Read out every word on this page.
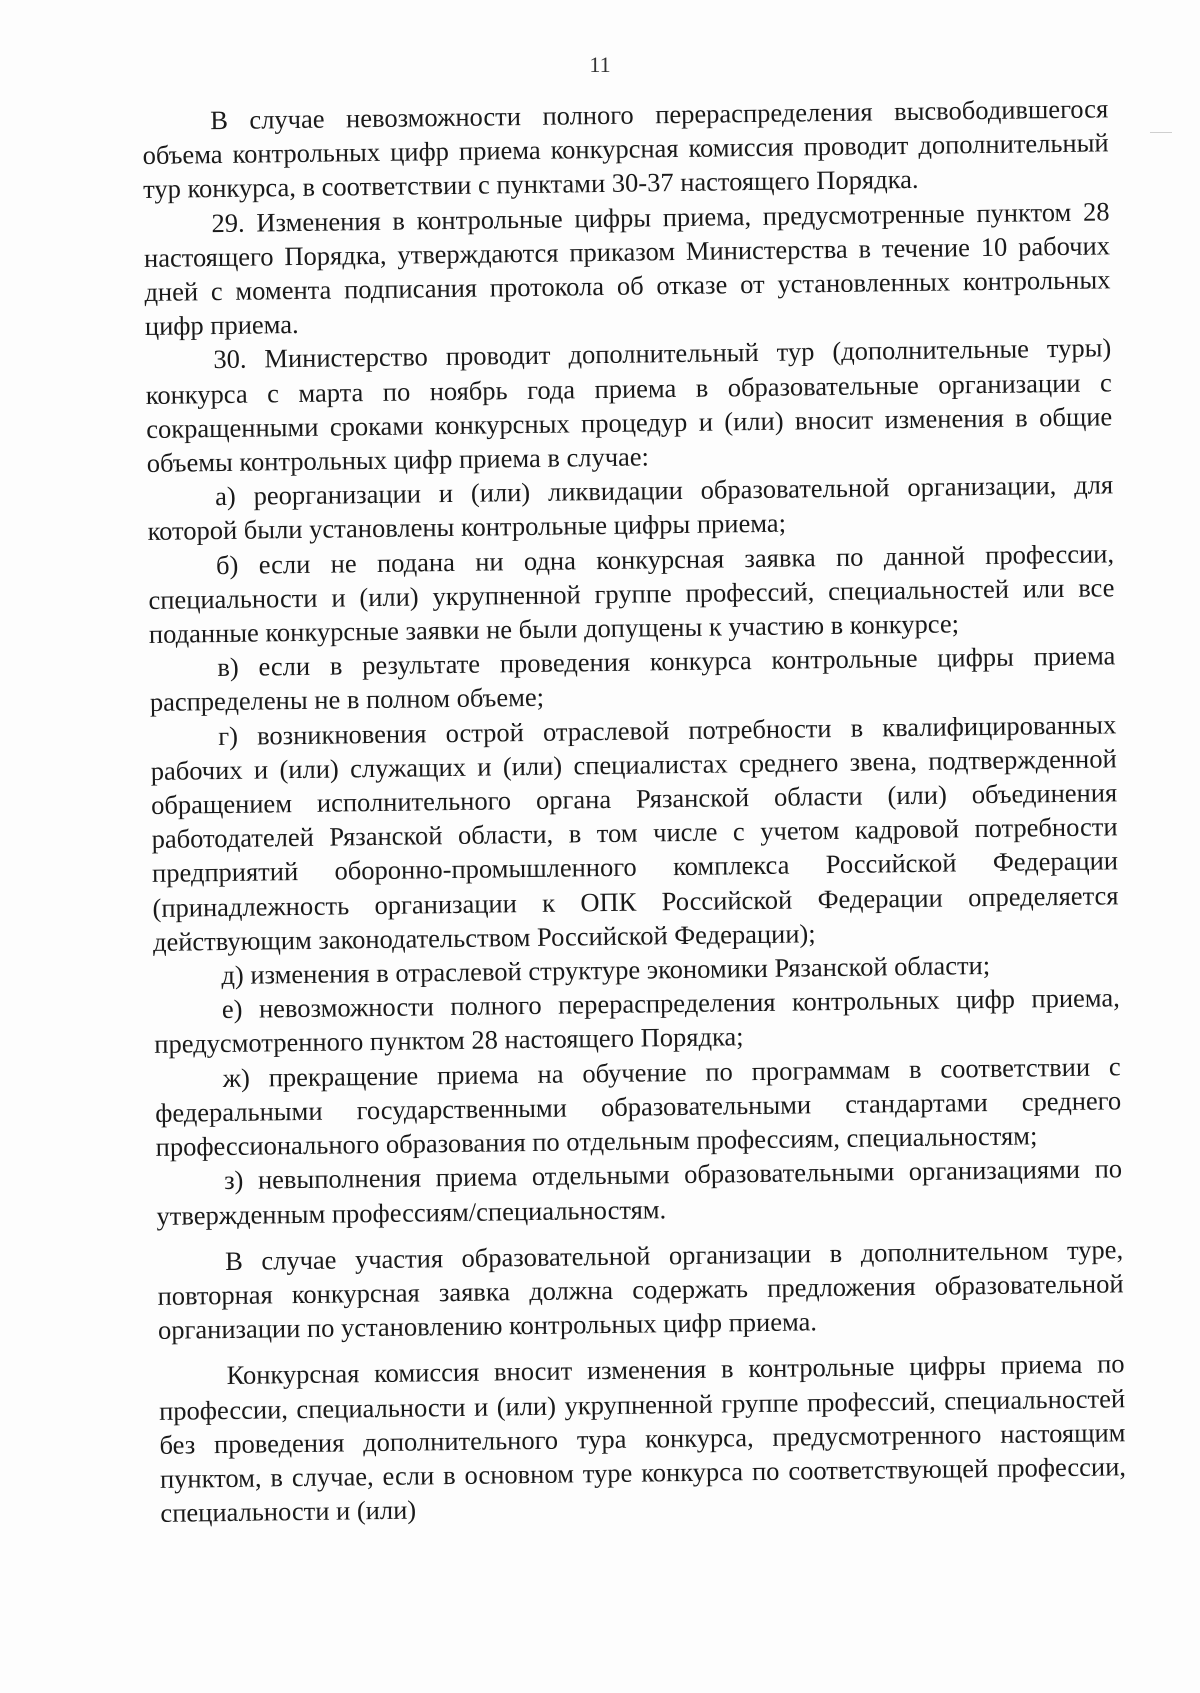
11

В случае невозможности полного перераспределения высвободившегося объема контрольных цифр приема конкурсная комиссия проводит дополнительный тур конкурса, в соответствии с пунктами 30-37 настоящего Порядка.

29. Изменения в контрольные цифры приема, предусмотренные пунктом 28 настоящего Порядка, утверждаются приказом Министерства в течение 10 рабочих дней с момента подписания протокола об отказе от установленных контрольных цифр приема.

30. Министерство проводит дополнительный тур (дополнительные туры) конкурса с марта по ноябрь года приема в образовательные организации с сокращенными сроками конкурсных процедур и (или) вносит изменения в общие объемы контрольных цифр приема в случае:

а) реорганизации и (или) ликвидации образовательной организации, для которой были установлены контрольные цифры приема;

б) если не подана ни одна конкурсная заявка по данной профессии, специальности и (или) укрупненной группе профессий, специальностей или все поданные конкурсные заявки не были допущены к участию в конкурсе;

в) если в результате проведения конкурса контрольные цифры приема распределены не в полном объеме;

г) возникновения острой отраслевой потребности в квалифицированных рабочих и (или) служащих и (или) специалистах среднего звена, подтвержденной обращением исполнительного органа Рязанской области (или) объединения работодателей Рязанской области, в том числе с учетом кадровой потребности предприятий оборонно-промышленного комплекса Российской Федерации (принадлежность организации к ОПК Российской Федерации определяется действующим законодательством Российской Федерации);

д) изменения в отраслевой структуре экономики Рязанской области;

е) невозможности полного перераспределения контрольных цифр приема, предусмотренного пунктом 28 настоящего Порядка;

ж) прекращение приема на обучение по программам в соответствии с федеральными государственными образовательными стандартами среднего профессионального образования по отдельным профессиям, специальностям;

з) невыполнения приема отдельными образовательными организациями по утвержденным профессиям/специальностям.

В случае участия образовательной организации в дополнительном туре, повторная конкурсная заявка должна содержать предложения образовательной организации по установлению контрольных цифр приема.

Конкурсная комиссия вносит изменения в контрольные цифры приема по профессии, специальности и (или) укрупненной группе профессий, специальностей без проведения дополнительного тура конкурса, предусмотренного настоящим пунктом, в случае, если в основном туре конкурса по соответствующей профессии, специальности и (или)
